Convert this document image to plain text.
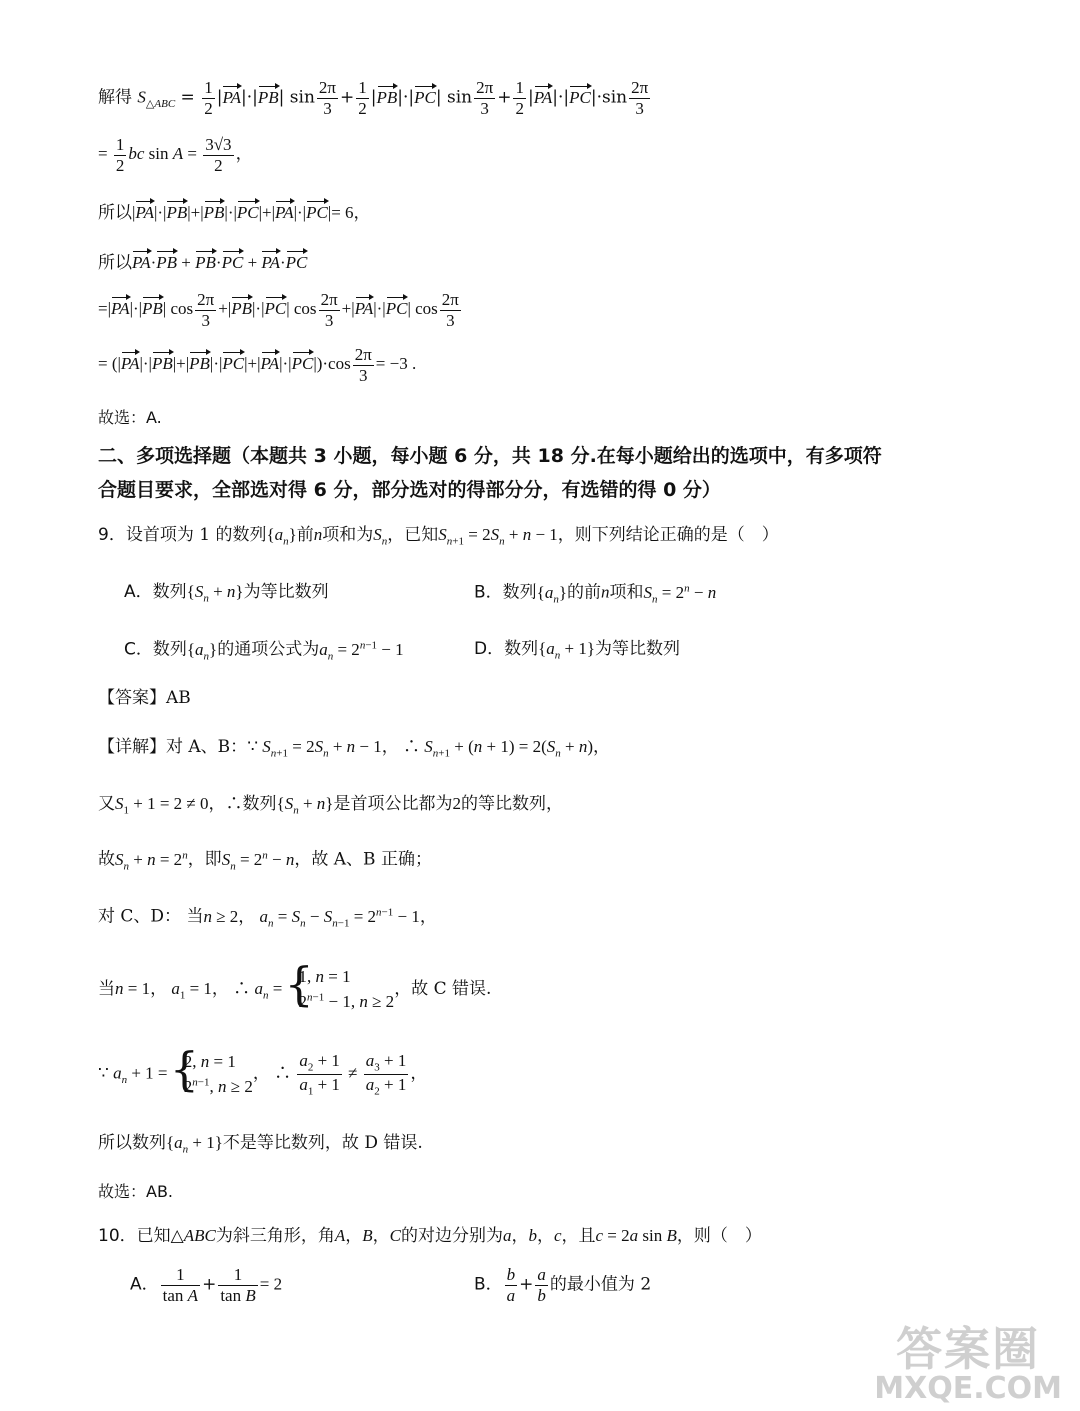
解得 $S_{\triangle ABC} = \frac{1}{2} |PA|\cdot|PB|$ $\sin \frac{2\pi}{3} + \frac{1}{2} |PB|\cdot|PC|$ $\sin \frac{2\pi}{3} + \frac{1}{2} |PA|\cdot|PC|\cdot\sin \frac{2\pi}{3}$
= $\frac{1}{2}$ bc $\sin A = \frac{3√3}{2}$ ，
所以|PA|·|PB|+|PB|·|PC|+|PA|·|PC|= 6，
所以PA·PB + PB·PC + PA·PC
=|PA|·|PB| $\cos \frac{2\pi}{3} +|PB|\cdot|PC|$ $\cos \frac{2\pi}{3} +|PA|\cdot|PC|$ $\cos \frac{2\pi}{3}$
= $(|PA|\cdot|PB|+|PB|\cdot|PC|+|PA|\cdot|PC|)\cdot\cos \frac{2\pi}{3} = -3$ .
故选：A.
二、多项选择题（本题共 3 小题，每小题 6 分，共 18 分.在每小题给出的选项中，有多项符
合题目要求，全部选对得 6 分，部分选对的得部分分，有选错的得 0 分）
9．设首项为 1 的数列$\{a_n\}$前n项和为$S_n$，已知$S_{n+1} = 2S_n + n - 1$，则下列结论正确的是（　）
A．数列$\{S_n + n\}$为等比数列	B．数列$\{a_n\}$的前n项和$S_n = 2^n - n$
C．数列$\{a_n\}$的通项公式为$a_n = 2^{n-1} - 1$	D．数列$\{a_n + 1\}$为等比数列
【答案】AB
【详解】对 A、B：∵ $S_{n+1} = 2S_n + n - 1$， ∴ $S_{n+1} + (n + 1) = 2(S_n + n)$，
又$S_1 + 1 = 2 \ne 0$，∴数列$\{S_n + n\}$是首项公比都为2的等比数列，
故$S_n + n = 2^n$，即$S_n = 2^n - n$，故 A、B 正确；
对 C、D： 当n ≥ 2， $a_n = S_n - S_{n-1} = 2^{n-1} - 1$，
当n = 1， $a_1 = 1$， ∴ $a_n$ =
{ 1, n = 1
$2^{n-1} - 1$, n ≥ 2
，故 C 错误.
∵ $a_n + 1$ =
{ 2, n = 1
$2^{n-1}$, n ≥ 2
， ∴ $\frac{a_2 + 1}{a_1 + 1} \ne \frac{a_3 + 1}{a_2 + 1}$ ，
所以数列$\{a_n + 1\}$不是等比数列，故 D 错误.
故选：AB.
10．已知△ABC为斜三角形，角A，B，C的对边分别为a，b，c，且c = 2a sin B，则（　）
A． $\frac{1}{\text{tan A}} + \frac{1}{\text{tan B}} = 2$	B． $\frac{b}{a} + \frac{a}{b}$ 的最小值为 2
答案圈
MXQE.COM
